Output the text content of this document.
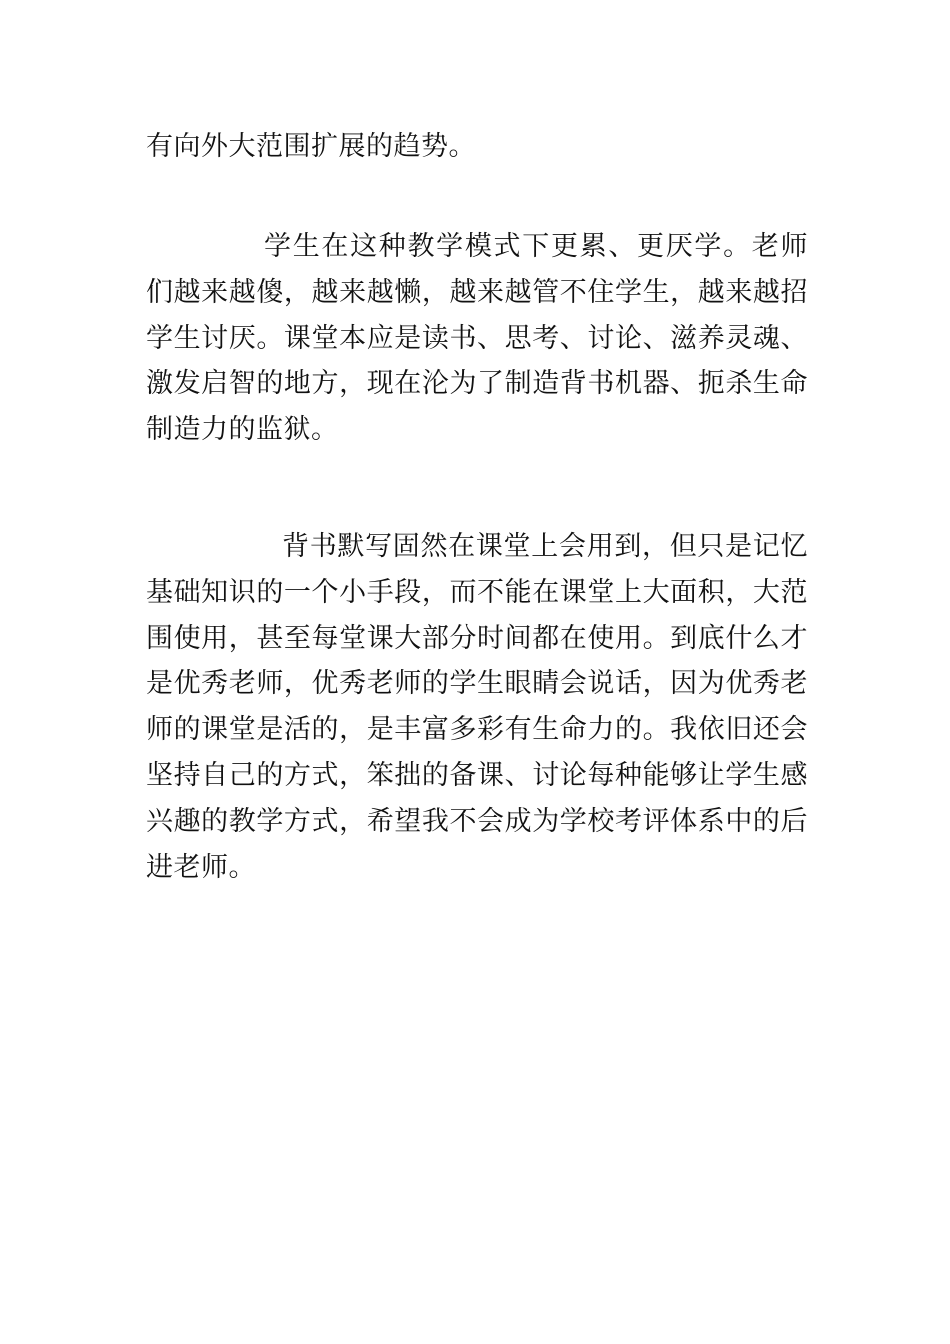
有向外大范围扩展的趋势。

学生在这种教学模式下更累、更厌学。老师们越来越傻，越来越懒，越来越管不住学生，越来越招学生讨厌。课堂本应是读书、思考、讨论、滋养灵魂、激发启智的地方，现在沦为了制造背书机器、扼杀生命制造力的监狱。

背书默写固然在课堂上会用到，但只是记忆基础知识的一个小手段，而不能在课堂上大面积，大范围使用，甚至每堂课大部分时间都在使用。到底什么才是优秀老师，优秀老师的学生眼睛会说话，因为优秀老师的课堂是活的，是丰富多彩有生命力的。我依旧还会坚持自己的方式，笨拙的备课、讨论每种能够让学生感兴趣的教学方式，希望我不会成为学校考评体系中的后进老师。
